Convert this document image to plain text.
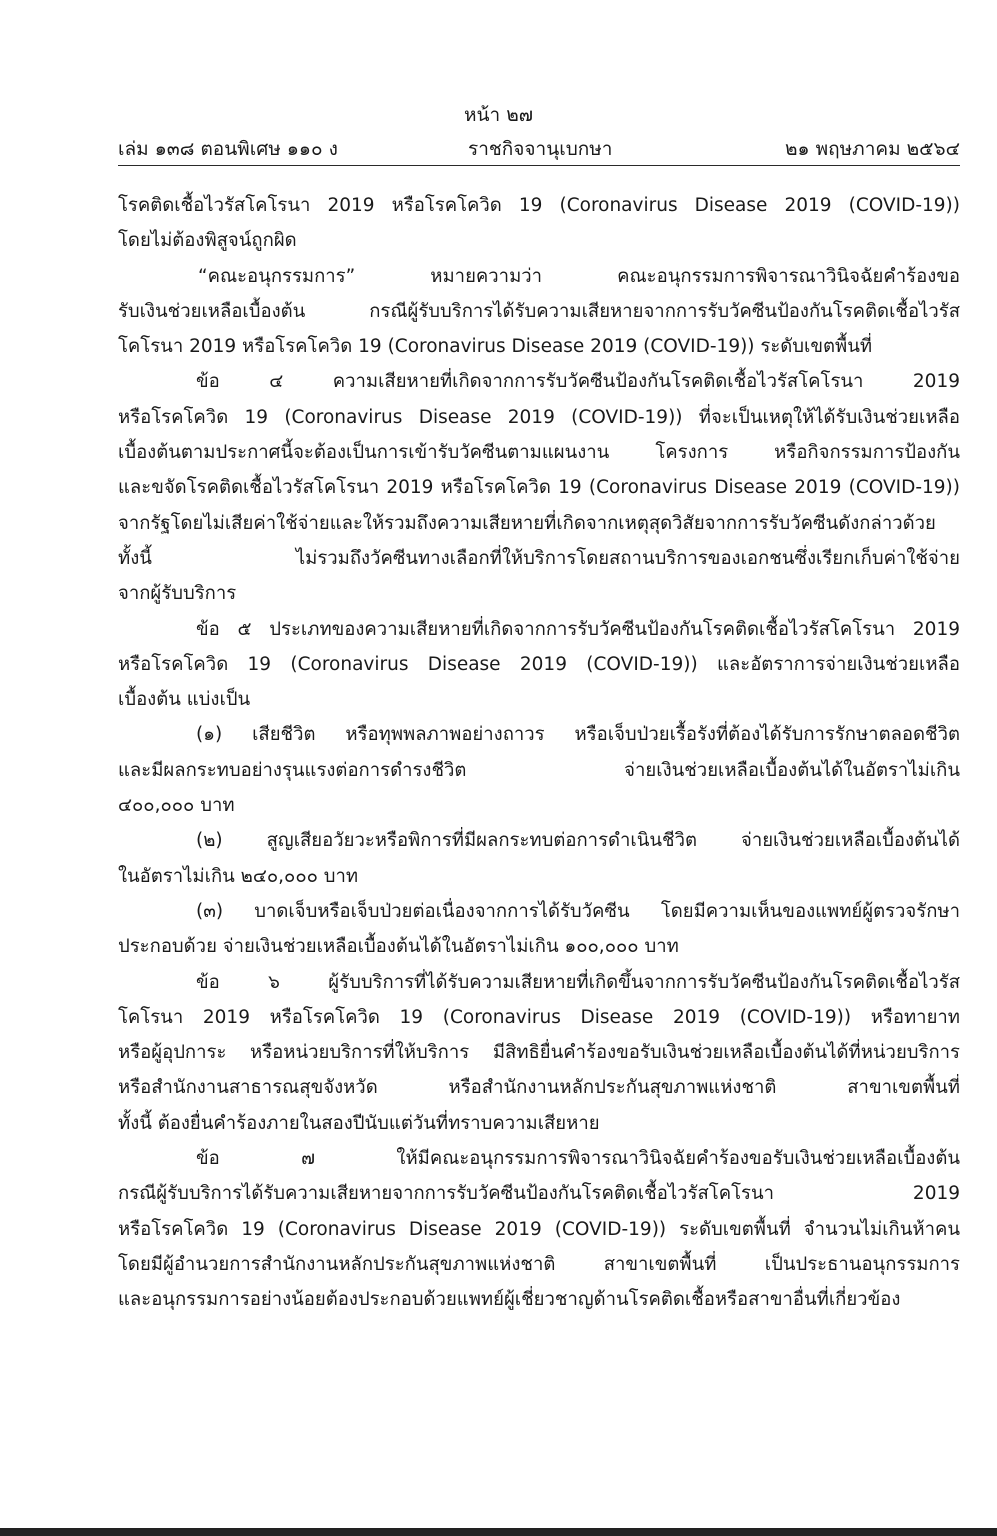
หน้า ๒๗
เล่ม ๑๓๘ ตอนพิเศษ ๑๑๐ ง	ราชกิจจานุเบกษา	๒๑ พฤษภาคม ๒๕๖๔
โรคติดเชื้อไวรัสโคโรนา 2019 หรือโรคโควิด 19 (Coronavirus Disease 2019 (COVID-19))
โดยไม่ต้องพิสูจน์ถูกผิด
“คณะอนุกรรมการ” หมายความว่า คณะอนุกรรมการพิจารณาวินิจฉัยคำร้องขอ
รับเงินช่วยเหลือเบื้องต้น กรณีผู้รับบริการได้รับความเสียหายจากการรับวัคซีนป้องกันโรคติดเชื้อไวรัส
โคโรนา 2019 หรือโรคโควิด 19 (Coronavirus Disease 2019 (COVID-19)) ระดับเขตพื้นที่
ข้อ ๔ ความเสียหายที่เกิดจากการรับวัคซีนป้องกันโรคติดเชื้อไวรัสโคโรนา 2019
หรือโรคโควิด 19 (Coronavirus Disease 2019 (COVID-19)) ที่จะเป็นเหตุให้ได้รับเงินช่วยเหลือ
เบื้องต้นตามประกาศนี้จะต้องเป็นการเข้ารับวัคซีนตามแผนงาน โครงการ หรือกิจกรรมการป้องกัน
และขจัดโรคติดเชื้อไวรัสโคโรนา 2019 หรือโรคโควิด 19 (Coronavirus Disease 2019 (COVID-19))
จากรัฐโดยไม่เสียค่าใช้จ่ายและให้รวมถึงความเสียหายที่เกิดจากเหตุสุดวิสัยจากการรับวัคซีนดังกล่าวด้วย
ทั้งนี้ ไม่รวมถึงวัคซีนทางเลือกที่ให้บริการโดยสถานบริการของเอกชนซึ่งเรียกเก็บค่าใช้จ่าย
จากผู้รับบริการ
ข้อ ๕ ประเภทของความเสียหายที่เกิดจากการรับวัคซีนป้องกันโรคติดเชื้อไวรัสโคโรนา 2019
หรือโรคโควิด 19 (Coronavirus Disease 2019 (COVID-19)) และอัตราการจ่ายเงินช่วยเหลือ
เบื้องต้น แบ่งเป็น
(๑) เสียชีวิต หรือทุพพลภาพอย่างถาวร หรือเจ็บป่วยเรื้อรังที่ต้องได้รับการรักษาตลอดชีวิต
และมีผลกระทบอย่างรุนแรงต่อการดำรงชีวิต จ่ายเงินช่วยเหลือเบื้องต้นได้ในอัตราไม่เกิน
๔๐๐,๐๐๐ บาท
(๒) สูญเสียอวัยวะหรือพิการที่มีผลกระทบต่อการดำเนินชีวิต จ่ายเงินช่วยเหลือเบื้องต้นได้
ในอัตราไม่เกิน ๒๔๐,๐๐๐ บาท
(๓) บาดเจ็บหรือเจ็บป่วยต่อเนื่องจากการได้รับวัคซีน โดยมีความเห็นของแพทย์ผู้ตรวจรักษา
ประกอบด้วย จ่ายเงินช่วยเหลือเบื้องต้นได้ในอัตราไม่เกิน ๑๐๐,๐๐๐ บาท
ข้อ ๖ ผู้รับบริการที่ได้รับความเสียหายที่เกิดขึ้นจากการรับวัคซีนป้องกันโรคติดเชื้อไวรัส
โคโรนา 2019 หรือโรคโควิด 19 (Coronavirus Disease 2019 (COVID-19)) หรือทายาท
หรือผู้อุปการะ หรือหน่วยบริการที่ให้บริการ มีสิทธิยื่นคำร้องขอรับเงินช่วยเหลือเบื้องต้นได้ที่หน่วยบริการ
หรือสำนักงานสาธารณสุขจังหวัด หรือสำนักงานหลักประกันสุขภาพแห่งชาติ สาขาเขตพื้นที่
ทั้งนี้ ต้องยื่นคำร้องภายในสองปีนับแต่วันที่ทราบความเสียหาย
ข้อ ๗ ให้มีคณะอนุกรรมการพิจารณาวินิจฉัยคำร้องขอรับเงินช่วยเหลือเบื้องต้น
กรณีผู้รับบริการได้รับความเสียหายจากการรับวัคซีนป้องกันโรคติดเชื้อไวรัสโคโรนา 2019
หรือโรคโควิด 19 (Coronavirus Disease 2019 (COVID-19)) ระดับเขตพื้นที่ จำนวนไม่เกินห้าคน
โดยมีผู้อำนวยการสำนักงานหลักประกันสุขภาพแห่งชาติ สาขาเขตพื้นที่ เป็นประธานอนุกรรมการ
และอนุกรรมการอย่างน้อยต้องประกอบด้วยแพทย์ผู้เชี่ยวชาญด้านโรคติดเชื้อหรือสาขาอื่นที่เกี่ยวข้อง
